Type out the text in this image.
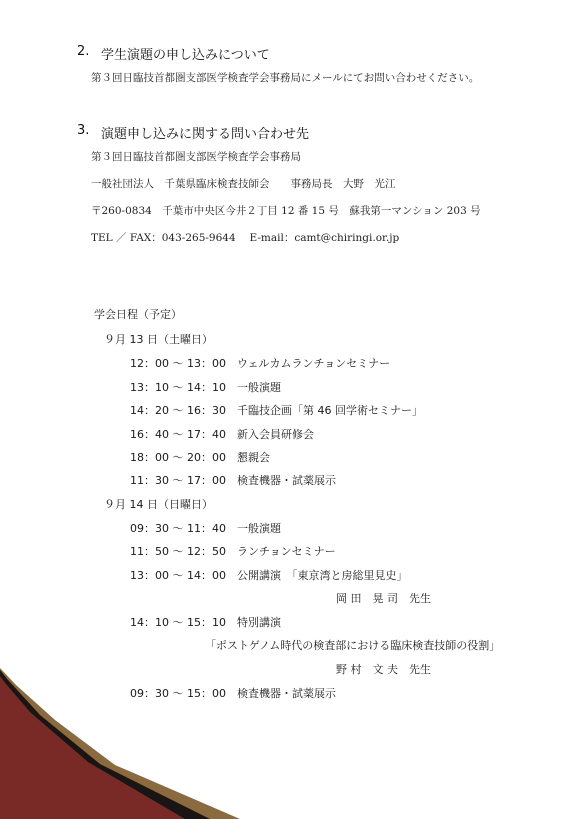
2. 学生演題の申し込みについて
第３回日臨技首都圏支部医学検査学会事務局にメールにてお問い合わせください。
3. 演題申し込みに関する問い合わせ先
第３回日臨技首都圏支部医学検査学会事務局
一般社団法人　千葉県臨床検査技師会　　事務局長　大野　光江
〒260-0834　千葉市中央区今井２丁目 12 番 15 号　蘇我第一マンション 203 号
TEL ／ FAX：043-265-9644　 E-mail：camt@chiringi.or.jp
学会日程（予定）
９月 13 日（土曜日）
12：00 ～ 13：00　ウェルカムランチョンセミナー
13：10 ～ 14：10　一般演題
14：20 ～ 16：30　千臨技企画「第 46 回学術セミナー」
16：40 ～ 17：40　新入会員研修会
18：00 ～ 20：00　懇親会
11：30 ～ 17：00　検査機器・試薬展示
９月 14 日（日曜日）
09：30 ～ 11：40　一般演題
11：50 ～ 12：50　ランチョンセミナー
13：00 ～ 14：00　公開講演　「東京湾と房総里見史」
岡 田　晃 司　先生
14：10 ～ 15：10　特別講演
「ポストゲノム時代の検査部における臨床検査技師の役割」
野 村　文 夫　先生
09：30 ～ 15：00　検査機器・試薬展示
